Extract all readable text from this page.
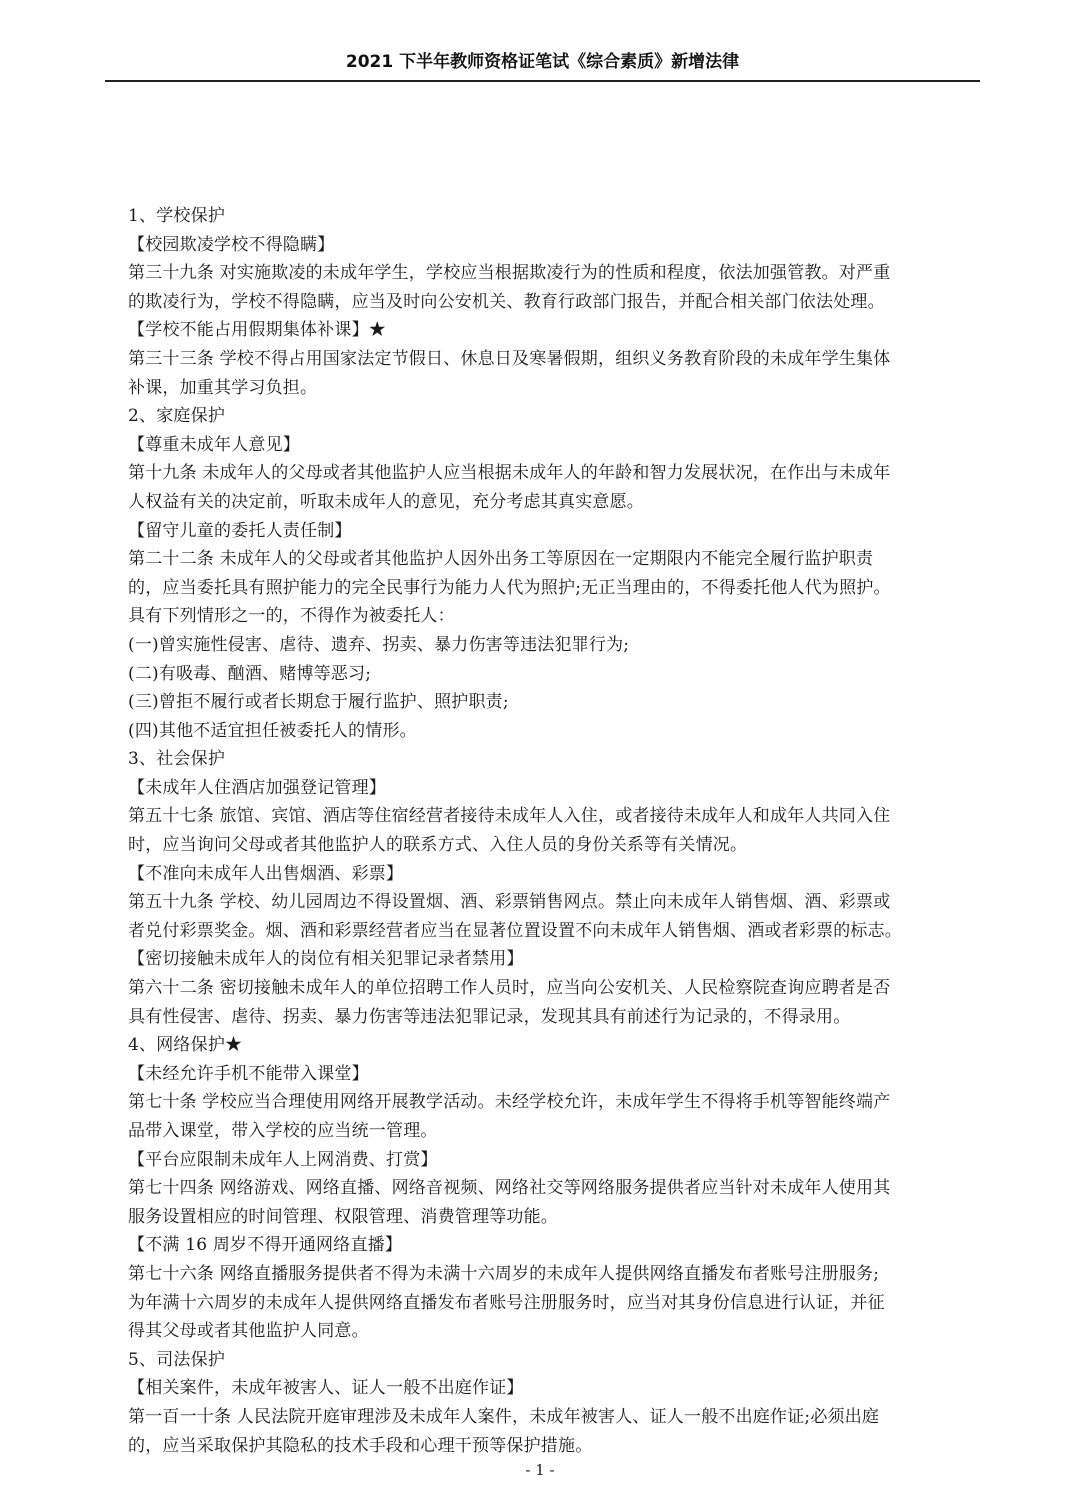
2021 下半年教师资格证笔试《综合素质》新增法律
1、学校保护
【校园欺凌学校不得隐瞒】
第三十九条 对实施欺凌的未成年学生，学校应当根据欺凌行为的性质和程度，依法加强管教。对严重
的欺凌行为，学校不得隐瞒，应当及时向公安机关、教育行政部门报告，并配合相关部门依法处理。
【学校不能占用假期集体补课】★
第三十三条 学校不得占用国家法定节假日、休息日及寒暑假期，组织义务教育阶段的未成年学生集体
补课，加重其学习负担。
2、家庭保护
【尊重未成年人意见】
第十九条 未成年人的父母或者其他监护人应当根据未成年人的年龄和智力发展状况，在作出与未成年
人权益有关的决定前，听取未成年人的意见，充分考虑其真实意愿。
【留守儿童的委托人责任制】
第二十二条 未成年人的父母或者其他监护人因外出务工等原因在一定期限内不能完全履行监护职责
的，应当委托具有照护能力的完全民事行为能力人代为照护;无正当理由的，不得委托他人代为照护。
具有下列情形之一的，不得作为被委托人：
(一)曾实施性侵害、虐待、遗弃、拐卖、暴力伤害等违法犯罪行为;
(二)有吸毒、酗酒、赌博等恶习;
(三)曾拒不履行或者长期怠于履行监护、照护职责;
(四)其他不适宜担任被委托人的情形。
3、社会保护
【未成年人住酒店加强登记管理】
第五十七条 旅馆、宾馆、酒店等住宿经营者接待未成年人入住，或者接待未成年人和成年人共同入住
时，应当询问父母或者其他监护人的联系方式、入住人员的身份关系等有关情况。
【不准向未成年人出售烟酒、彩票】
第五十九条 学校、幼儿园周边不得设置烟、酒、彩票销售网点。禁止向未成年人销售烟、酒、彩票或
者兑付彩票奖金。烟、酒和彩票经营者应当在显著位置设置不向未成年人销售烟、酒或者彩票的标志。
【密切接触未成年人的岗位有相关犯罪记录者禁用】
第六十二条 密切接触未成年人的单位招聘工作人员时，应当向公安机关、人民检察院查询应聘者是否
具有性侵害、虐待、拐卖、暴力伤害等违法犯罪记录，发现其具有前述行为记录的，不得录用。
4、网络保护★
【未经允许手机不能带入课堂】
第七十条 学校应当合理使用网络开展教学活动。未经学校允许，未成年学生不得将手机等智能终端产
品带入课堂，带入学校的应当统一管理。
【平台应限制未成年人上网消费、打赏】
第七十四条 网络游戏、网络直播、网络音视频、网络社交等网络服务提供者应当针对未成年人使用其
服务设置相应的时间管理、权限管理、消费管理等功能。
【不满 16 周岁不得开通网络直播】
第七十六条 网络直播服务提供者不得为未满十六周岁的未成年人提供网络直播发布者账号注册服务;
为年满十六周岁的未成年人提供网络直播发布者账号注册服务时，应当对其身份信息进行认证，并征
得其父母或者其他监护人同意。
5、司法保护
【相关案件，未成年被害人、证人一般不出庭作证】
第一百一十条 人民法院开庭审理涉及未成年人案件，未成年被害人、证人一般不出庭作证;必须出庭
的，应当采取保护其隐私的技术手段和心理干预等保护措施。
- 1 -
